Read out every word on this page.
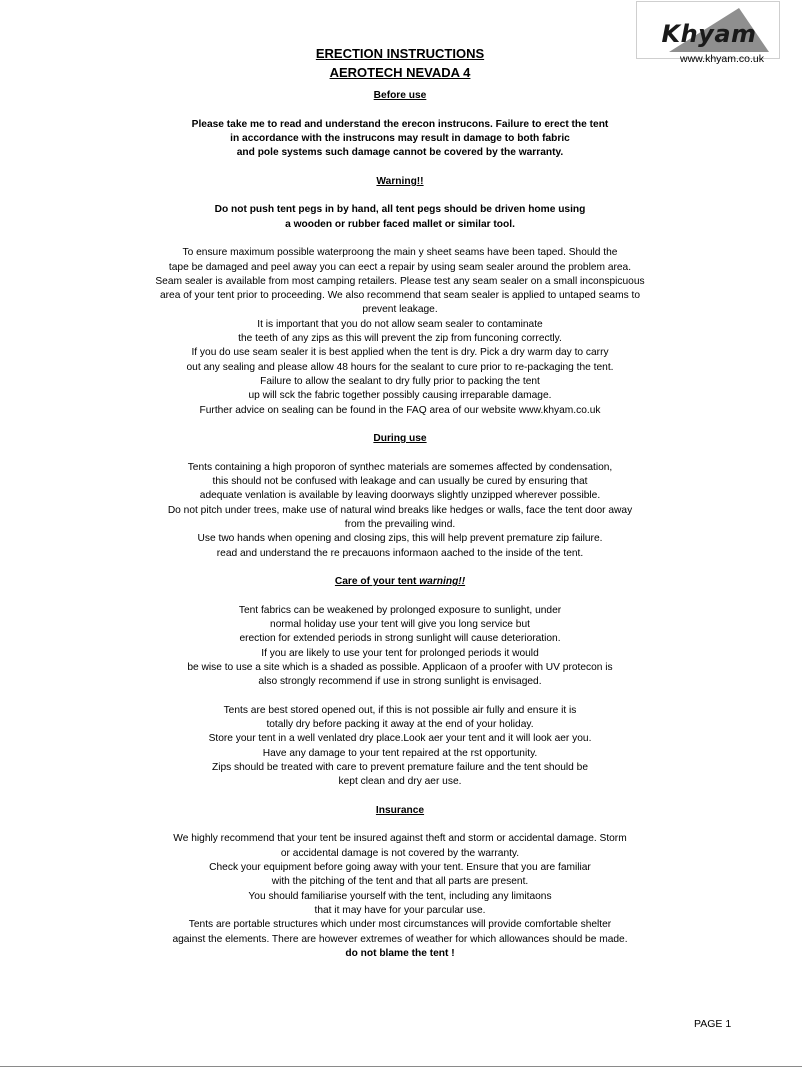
Khyam
www.khyam.co.uk

ERECTION INSTRUCTIONS

AEROTECH NEVADA 4

Before use

Please take me to read and understand the erecon instrucons. Failure to erect the tent

in accordance with the instrucons may result in damage to both fabric

and pole systems such damage cannot be covered by the warranty.

Warning!!

Do not push tent pegs in by hand, all tent pegs should be driven home using

a wooden or rubber faced mallet or similar tool.

To ensure maximum possible waterproong the main y sheet seams have been taped. Should the

tape be damaged and peel away you can eect a repair by using seam sealer around the problem area.

Seam sealer is available from most camping retailers. Please test any seam sealer on a small inconspicuous

area of your tent prior to proceeding. We also recommend that seam sealer is applied to untaped seams to

prevent leakage.

It is important that you do not allow seam sealer to contaminate

the teeth of any zips as this will prevent the zip from funconing correctly.

If you do use seam sealer it is best applied when the tent is dry. Pick a dry warm day to carry

out any sealing and please allow 48 hours for the sealant to cure prior to re-packaging the tent.

Failure to allow the sealant to dry fully prior to packing the tent

up will sck the fabric together possibly causing irreparable damage.

Further advice on sealing can be found in the FAQ area of our website www.khyam.co.uk

During use

Tents containing a high proporon of synthec materials are somemes affected by condensation,

this should not be confused with leakage and can usually be cured by ensuring that

adequate venlation is available by leaving doorways slightly unzipped wherever possible.

Do not pitch under trees, make use of natural wind breaks like hedges or walls, face the tent door away

from the prevailing wind.

Use two hands when opening and closing zips, this will help prevent premature zip failure.

read and understand the re precauons informaon aached to the inside of the tent.

Care of your tent warning!!

Tent fabrics can be weakened by prolonged exposure to sunlight, under

normal holiday use your tent will give you long service but

erection for extended periods in strong sunlight will cause deterioration.

If you are likely to use your tent for prolonged periods it would

be wise to use a site which is a shaded as possible. Applicaon of a proofer with UV protecon is

also strongly recommend if use in strong sunlight is envisaged.

Tents are best stored opened out, if this is not possible air fully and ensure it is

totally dry before packing it away at the end of your holiday.

Store your tent in a well venlated dry place.Look aer your tent and it will look aer you.

Have any damage to your tent repaired at the rst opportunity.

Zips should be treated with care to prevent premature failure and the tent should be

kept clean and dry aer use.

Insurance

We highly recommend that your tent be insured against theft and storm or accidental damage. Storm

or accidental damage is not covered by the warranty.

Check your equipment before going away with your tent. Ensure that you are familiar

with the pitching of the tent and that all parts are present.

You should familiarise yourself with the tent, including any limitaons

that it may have for your parcular use.

Tents are portable structures which under most circumstances will provide comfortable shelter

against the elements. There are however extremes of weather for which allowances should be made.

do not blame the tent !

PAGE 1
